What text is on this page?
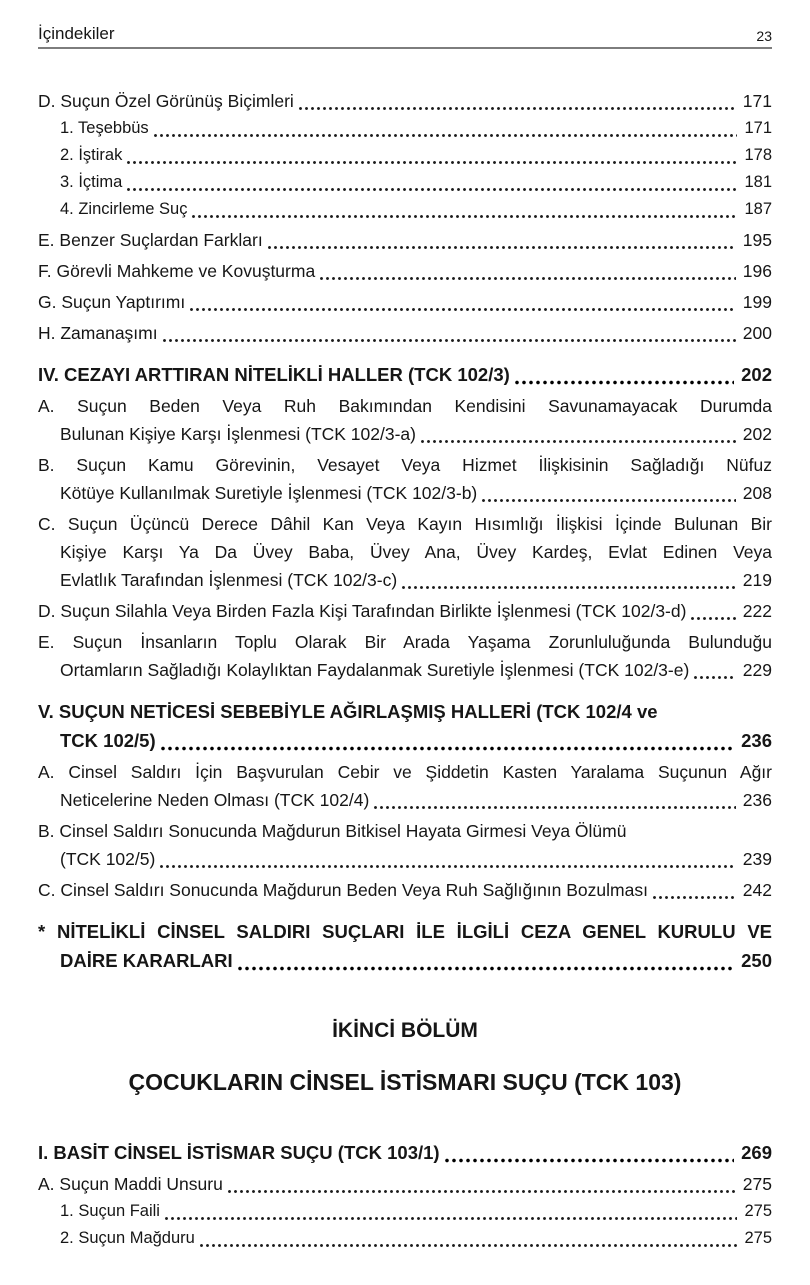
İçindekiler	23
D. Suçun Özel Görünüş Biçimleri	171
1. Teşebbüs	171
2. İştirak	178
3. İçtima	181
4. Zincirleme Suç	187
E. Benzer Suçlardan Farkları	195
F. Görevli Mahkeme ve Kovuşturma	196
G. Suçun Yaptırımı	199
H. Zamanaşımı	200
IV. CEZAYI ARTTIRAN NİTELİKLİ HALLER (TCK 102/3)	202
A. Suçun Beden Veya Ruh Bakımından Kendisini Savunamayacak Durumda
Bulunan Kişiye Karşı İşlenmesi (TCK 102/3-a)	202
B. Suçun Kamu Görevinin, Vesayet Veya Hizmet İlişkisinin Sağladığı Nüfuz
Kötüye Kullanılmak Suretiyle İşlenmesi (TCK 102/3-b)	208
C. Suçun Üçüncü Derece Dâhil Kan Veya Kayın Hısımlığı İlişkisi İçinde Bulunan Bir
Kişiye Karşı Ya Da Üvey Baba, Üvey Ana, Üvey Kardeş, Evlat Edinen Veya
Evlatlık Tarafından İşlenmesi (TCK 102/3-c)	219
D. Suçun Silahla Veya Birden Fazla Kişi Tarafından Birlikte İşlenmesi (TCK 102/3-d)	222
E. Suçun İnsanların Toplu Olarak Bir Arada Yaşama Zorunluluğunda Bulunduğu
Ortamların Sağladığı Kolaylıktan Faydalanmak Suretiyle İşlenmesi (TCK 102/3-e)	229
V. SUÇUN NETİCESİ SEBEBİYLE AĞIRLAŞMIŞ HALLERİ (TCK 102/4 ve
TCK 102/5)	236
A. Cinsel Saldırı İçin Başvurulan Cebir ve Şiddetin Kasten Yaralama Suçunun Ağır
Neticelerine Neden Olması (TCK 102/4)	236
B. Cinsel Saldırı Sonucunda Mağdurun Bitkisel Hayata Girmesi Veya Ölümü
(TCK 102/5)	239
C. Cinsel Saldırı Sonucunda Mağdurun Beden Veya Ruh Sağlığının Bozulması	242
* NİTELİKLİ CİNSEL SALDIRI SUÇLARI İLE İLGİLİ CEZA GENEL KURULU VE
DAİRE KARARLARI	250
İKİNCİ BÖLÜM
ÇOCUKLARIN CİNSEL İSTİSMARI SUÇU (TCK 103)
I. BASİT CİNSEL İSTİSMAR SUÇU (TCK 103/1)	269
A. Suçun Maddi Unsuru	275
1. Suçun Faili	275
2. Suçun Mağduru	275
